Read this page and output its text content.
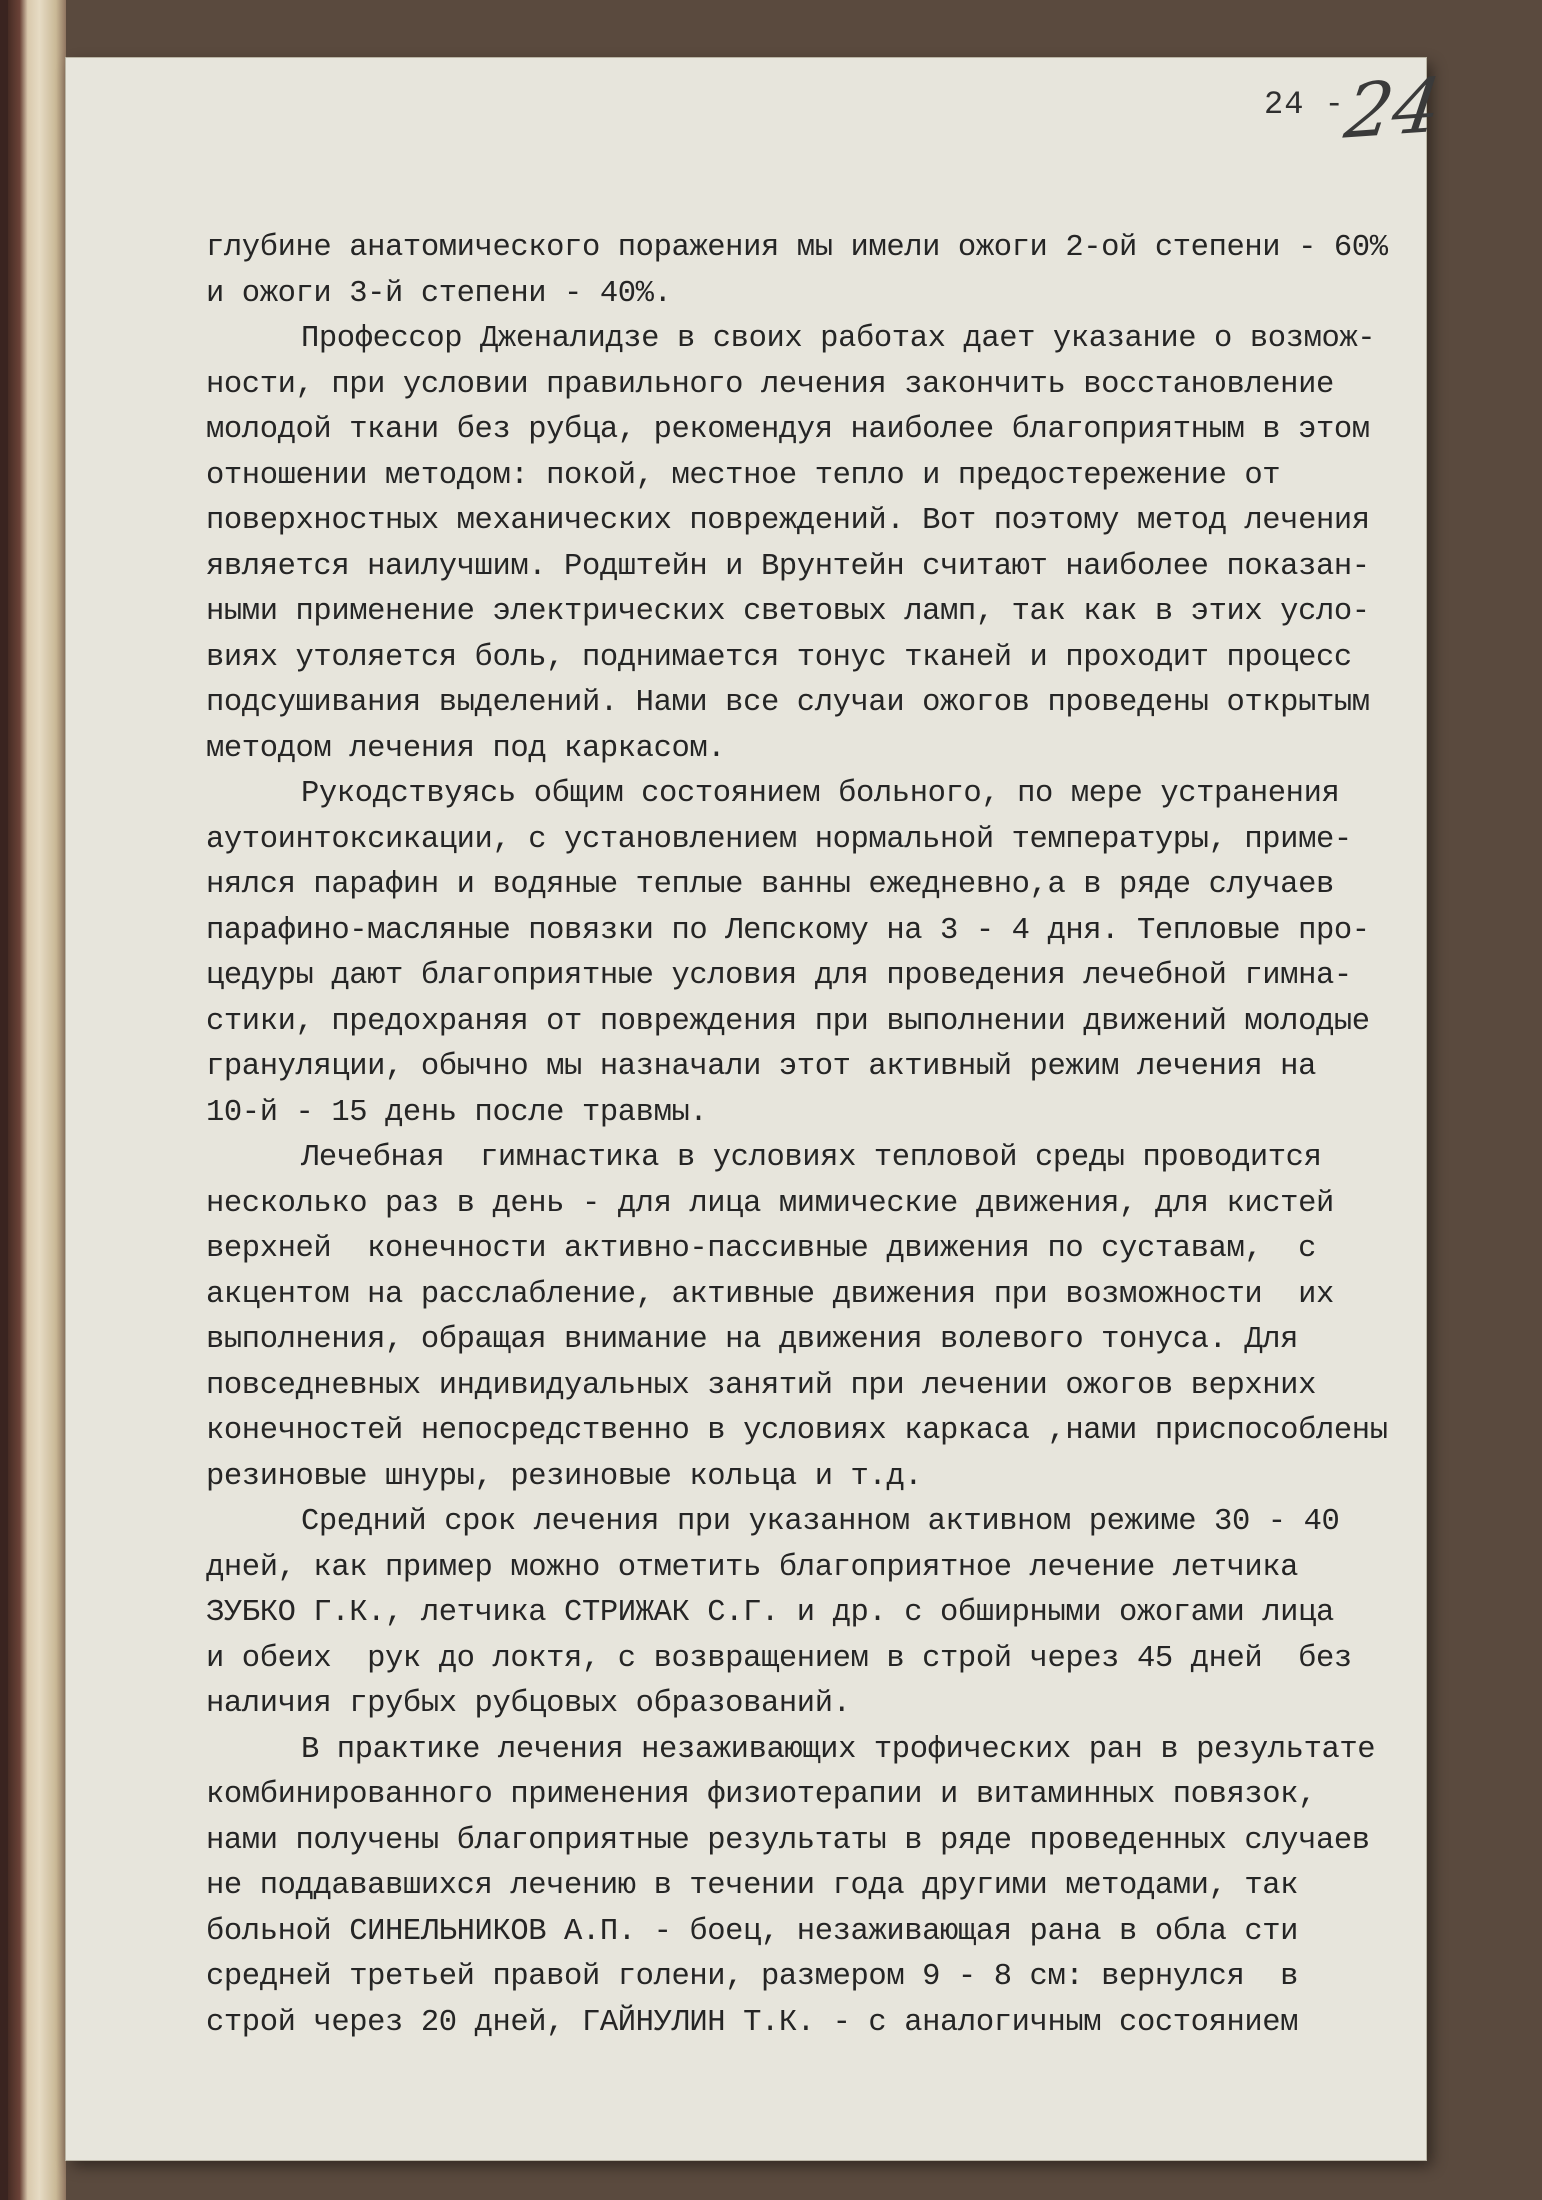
24 -
24
глубине анатомического поражения мы имели ожоги 2-ой степени - 60%
и ожоги 3-й степени - 40%.
Профессор Дженалидзе в своих работах дает указание о возмож-
ности, при условии правильного лечения закончить восстановление
молодой ткани без рубца, рекомендуя наиболее благоприятным в этом
отношении методом: покой, местное тепло и предостережение от
поверхностных механических повреждений. Вот поэтому метод лечения
является наилучшим. Родштейн и Врунтейн считают наиболее показан-
ными применение электрических световых ламп, так как в этих усло-
виях утоляется боль, поднимается тонус тканей и проходит процесс
подсушивания выделений. Нами все случаи ожогов проведены открытым
методом лечения под каркасом.
Рукодствуясь общим состоянием больного, по мере устранения
аутоинтоксикации, с установлением нормальной температуры, приме-
нялся парафин и водяные теплые ванны ежедневно,а в ряде случаев
парафино-масляные повязки по Лепскому на 3 - 4 дня. Тепловые про-
цедуры дают благоприятные условия для проведения лечебной гимна-
стики, предохраняя от повреждения при выполнении движений молодые
грануляции, обычно мы назначали этот активный режим лечения на
10-й - 15 день после травмы.
Лечебная  гимнастика в условиях тепловой среды проводится
несколько раз в день - для лица мимические движения, для кистей
верхней  конечности активно-пассивные движения по суставам,  с
акцентом на расслабление, активные движения при возможности  их
выполнения, обращая внимание на движения волевого тонуса. Для
повседневных индивидуальных занятий при лечении ожогов верхних
конечностей непосредственно в условиях каркаса ,нами приспособлены
резиновые шнуры, резиновые кольца и т.д.
Средний срок лечения при указанном активном режиме 30 - 40
дней, как пример можно отметить благоприятное лечение летчика
ЗУБКО Г.К., летчика СТРИЖАК С.Г. и др. с обширными ожогами лица
и обеих  рук до локтя, с возвращением в строй через 45 дней  без
наличия грубых рубцовых образований.
В практике лечения незаживающих трофических ран в результате
комбинированного применения физиотерапии и витаминных повязок,
нами получены благоприятные результаты в ряде проведенных случаев
не поддававшихся лечению в течении года другими методами, так
больной СИНЕЛЬНИКОВ А.П. - боец, незаживающая рана в обла сти
средней третьей правой голени, размером 9 - 8 см: вернулся  в
строй через 20 дней, ГАЙНУЛИН Т.К. - с аналогичным состоянием
